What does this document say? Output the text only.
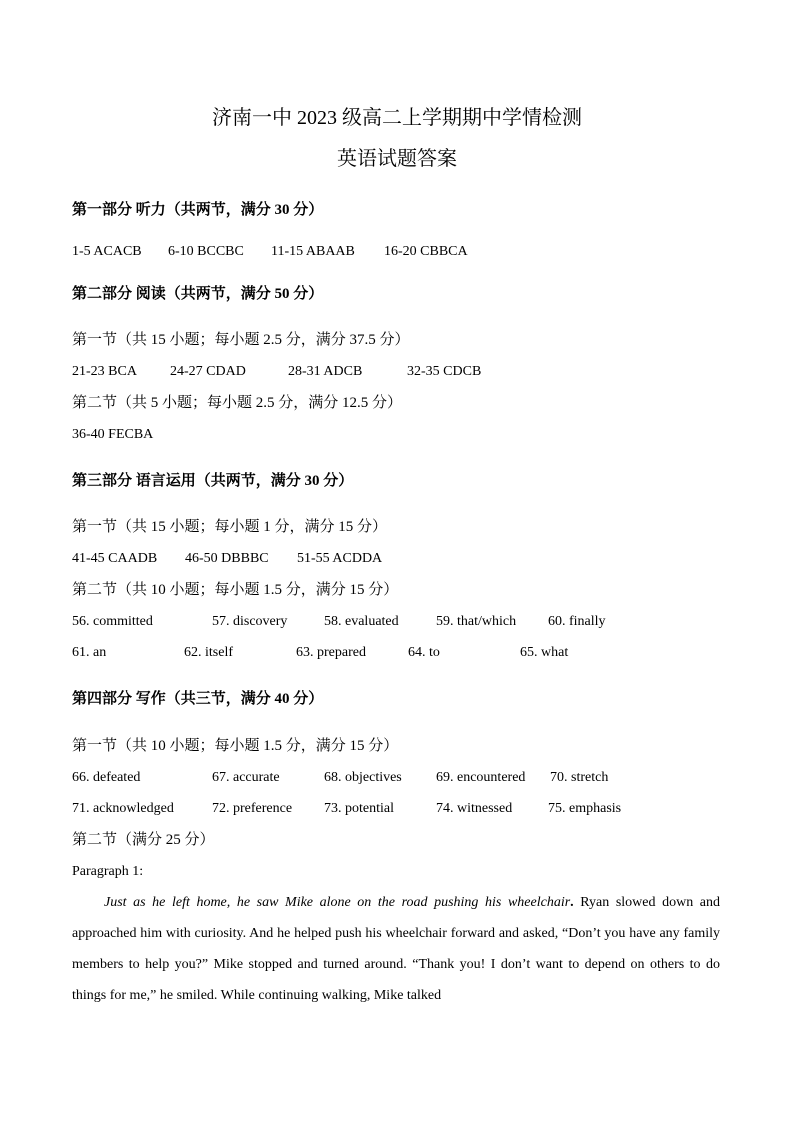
济南一中 2023 级高二上学期期中学情检测
英语试题答案
第一部分 听力（共两节，满分 30 分）
1-5 ACACB 6-10 BCCBC 11-15 ABAAB 16-20 CBBCA
第二部分 阅读（共两节，满分 50 分）
第一节（共 15 小题；每小题 2.5 分，满分 37.5 分）
21-23 BCA 24-27 CDAD	28-31 ADCB	32-35 CDCB
第二节（共 5 小题；每小题 2.5 分，满分 12.5 分）
36-40 FECBA
第三部分 语言运用（共两节，满分 30 分）
第一节（共 15 小题；每小题 1 分，满分 15 分）
41-45 CAADB 46-50 DBBBC 51-55 ACDDA
第二节（共 10 小题；每小题 1.5 分，满分 15 分）
56. committed	57. discovery	58. evaluated	59. that/which 60. finally
61. an	62. itself	63. prepared	64. to	65. what
第四部分 写作（共三节，满分 40 分）
第一节（共 10 小题；每小题 1.5 分，满分 15 分）
66. defeated	67. accurate	68. objectives 69. encountered 70. stretch
71. acknowledged	72. preference 73. potential	74. witnessed	75. emphasis
第二节（满分 25 分）
Paragraph 1:

Just as he left home, he saw Mike alone on the road pushing his wheelchair. Ryan slowed down and approached him with curiosity. And he helped push his wheelchair forward and asked, “Don’t you have any family members to help you?” Mike stopped and turned around. “Thank you! I don’t want to depend on others to do things for me,” he smiled. While continuing walking, Mike talked
